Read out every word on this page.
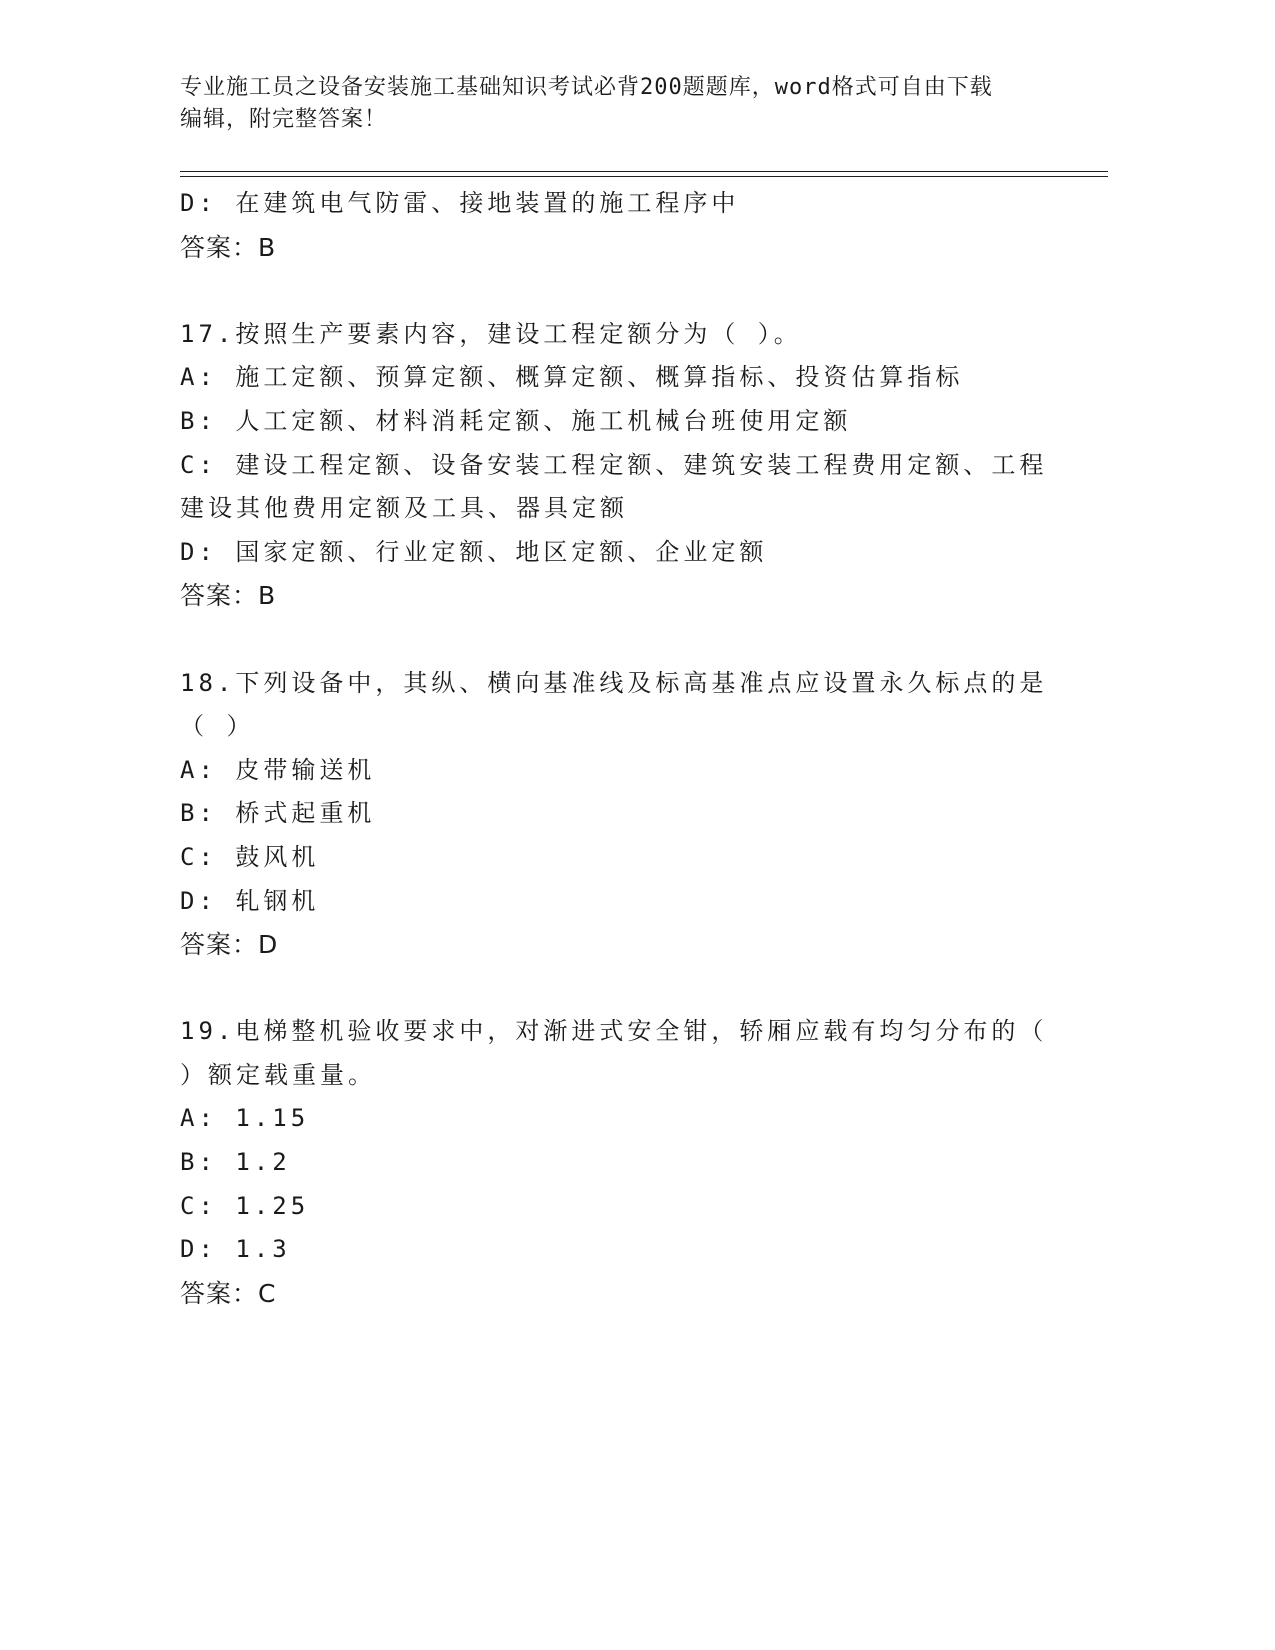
专业施工员之设备安装施工基础知识考试必背200题题库，word格式可自由下载
编辑，附完整答案！
D: 在建筑电气防雷、接地装置的施工程序中
答案：B
17.按照生产要素内容，建设工程定额分为（ ）。
A: 施工定额、预算定额、概算定额、概算指标、投资估算指标
B: 人工定额、材料消耗定额、施工机械台班使用定额
C: 建设工程定额、设备安装工程定额、建筑安装工程费用定额、工程
建设其他费用定额及工具、器具定额
D: 国家定额、行业定额、地区定额、企业定额
答案：B
18.下列设备中，其纵、横向基准线及标高基准点应设置永久标点的是
（ ）
A: 皮带输送机
B: 桥式起重机
C: 鼓风机
D: 轧钢机
答案：D
19.电梯整机验收要求中，对渐进式安全钳，轿厢应载有均匀分布的（
）额定载重量。
A: 1.15
B: 1.2
C: 1.25
D: 1.3
答案：C
